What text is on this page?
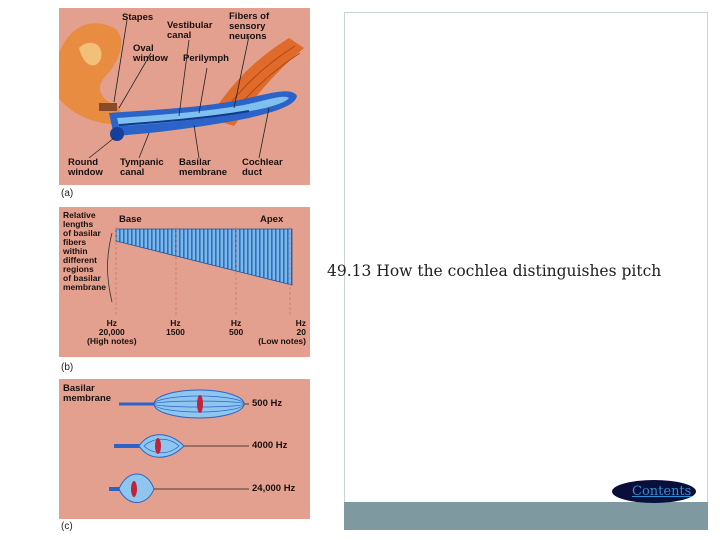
Stapes
Vestibular
canal
Fibers of
sensory
neurons
Oval
window Perilymph
Round
window
Tympanic
canal
Basilar
membrane
Cochlear
duct
(a)
Relative
lengths
of basilar
fibers
within
different
regions
of basilar
membrane
Base	Apex
Hz
20,000
(High notes)
Hz
1500
Hz
500
Hz
20
(Low notes)
(b)
Basilar
membrane	500 Hz
4000 Hz
24,000 Hz
(c)
49.13 How the cochlea distinguishes pitch
Contents
